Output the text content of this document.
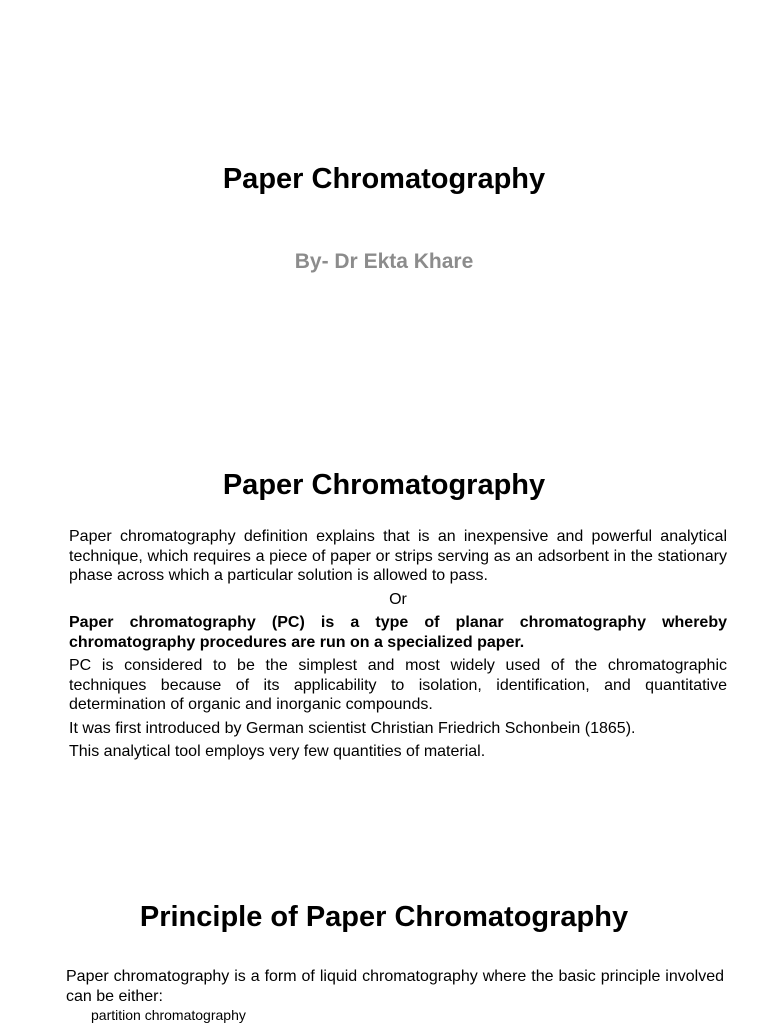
Paper Chromatography
By- Dr Ekta Khare
Paper Chromatography

Paper chromatography definition explains that is an inexpensive and powerful analytical technique, which requires a piece of paper or strips serving as an adsorbent in the stationary phase across which a particular solution is allowed to pass.

Or

Paper chromatography (PC) is a type of planar chromatography whereby chromatography procedures are run on a specialized paper.

PC is considered to be the simplest and most widely used of the chromatographic techniques because of its applicability to isolation, identification, and quantitative determination of organic and inorganic compounds.

It was first introduced by German scientist Christian Friedrich Schonbein (1865).

This analytical tool employs very few quantities of material.

Principle of Paper Chromatography

Paper chromatography is a form of liquid chromatography where the basic principle involved can be either:

partition chromatography
